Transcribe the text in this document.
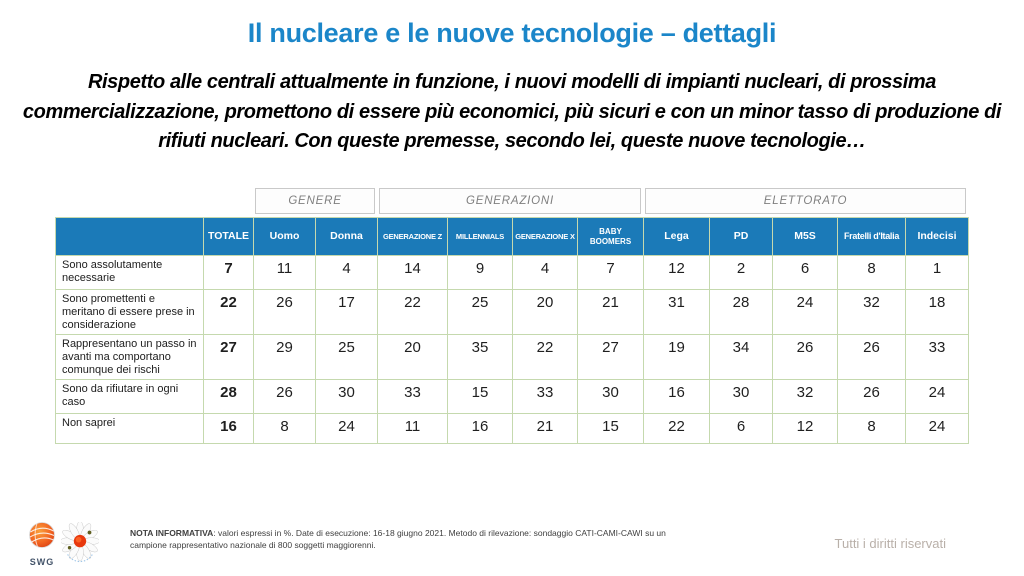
Il nucleare e le nuove tecnologie – dettagli
Rispetto alle centrali attualmente in funzione, i nuovi modelli di impianti nucleari, di prossima commercializzazione, promettono di essere più economici, più sicuri e con un minor tasso di produzione di rifiuti nucleari. Con queste premesse, secondo lei, queste nuove tecnologie…
GENERE	GENERAZIONI	ELETTORATO
	TOTALE	Uomo	Donna	GENERAZIONE Z	MILLENNIALS	GENERAZIONE X	BABY BOOMERS	Lega	PD	M5S	Fratelli d'Italia	Indecisi
Sono assolutamente necessarie	7	11	4	14	9	4	7	12	2	6	8	1
Sono promettenti e meritano di essere prese in considerazione	22	26	17	22	25	20	21	31	28	24	32	18
Rappresentano un passo in avanti ma comportano comunque dei rischi	27	29	25	20	35	22	27	19	34	26	26	33
Sono da rifiutare in ogni caso	28	26	30	33	15	33	30	16	30	32	26	24
Non saprei	16	8	24	11	16	21	15	22	6	12	8	24
SWG
NOTA INFORMATIVA: valori espressi in %. Date di esecuzione: 16-18 giugno 2021. Metodo di rilevazione: sondaggio CATI-CAMI-CAWI su un campione rappresentativo nazionale di 800 soggetti maggiorenni.	Tutti i diritti riservati
